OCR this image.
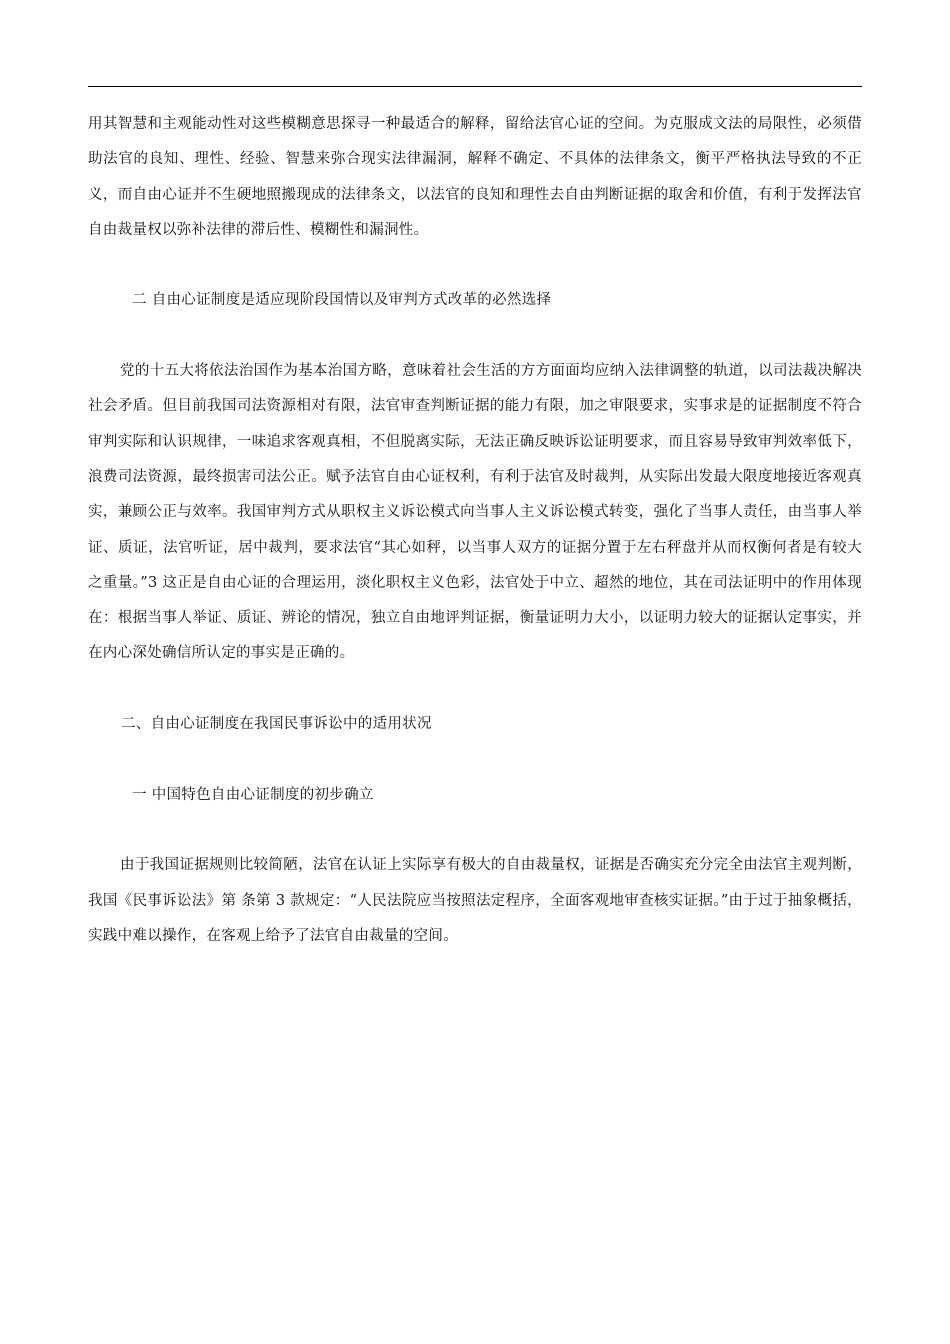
用其智慧和主观能动性对这些模糊意思探寻一种最适合的解释，留给法官心证的空间。为克服成文法的局限性，必须借助法官的良知、理性、经验、智慧来弥合现实法律漏洞，解释不确定、不具体的法律条文，衡平严格执法导致的不正义，而自由心证并不生硬地照搬现成的法律条文，以法官的良知和理性去自由判断证据的取舍和价值，有利于发挥法官自由裁量权以弥补法律的滞后性、模糊性和漏洞性。

二 自由心证制度是适应现阶段国情以及审判方式改革的必然选择

党的十五大将依法治国作为基本治国方略，意味着社会生活的方方面面均应纳入法律调整的轨道，以司法裁决解决社会矛盾。但目前我国司法资源相对有限，法官审查判断证据的能力有限，加之审限要求，实事求是的证据制度不符合审判实际和认识规律，一味追求客观真相，不但脱离实际，无法正确反映诉讼证明要求，而且容易导致审判效率低下，浪费司法资源，最终损害司法公正。赋予法官自由心证权利，有利于法官及时裁判，从实际出发最大限度地接近客观真实，兼顾公正与效率。我国审判方式从职权主义诉讼模式向当事人主义诉讼模式转变，强化了当事人责任，由当事人举证、质证，法官听证，居中裁判，要求法官“其心如秤，以当事人双方的证据分置于左右秤盘并从而权衡何者是有较大之重量。”3 这正是自由心证的合理运用，淡化职权主义色彩，法官处于中立、超然的地位，其在司法证明中的作用体现在：根据当事人举证、质证、辨论的情况，独立自由地评判证据，衡量证明力大小，以证明力较大的证据认定事实，并在内心深处确信所认定的事实是正确的。

二、自由心证制度在我国民事诉讼中的适用状况

一 中国特色自由心证制度的初步确立

由于我国证据规则比较简陋，法官在认证上实际享有极大的自由裁量权，证据是否确实充分完全由法官主观判断，我国《民事诉讼法》第 条第 3 款规定：“人民法院应当按照法定程序，全面客观地审查核实证据。”由于过于抽象概括，实践中难以操作，在客观上给予了法官自由裁量的空间。
